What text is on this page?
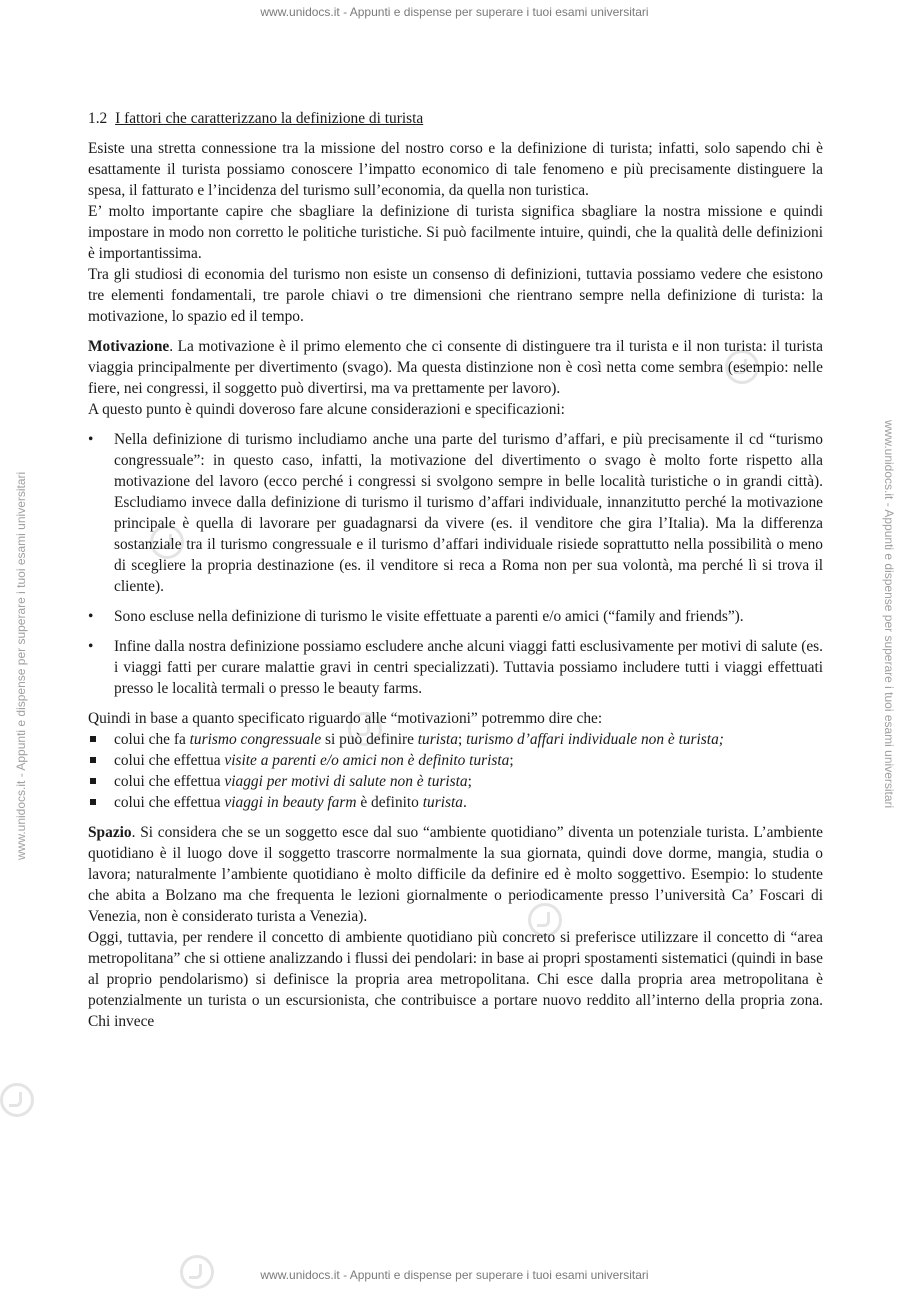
www.unidocs.it - Appunti e dispense per superare i tuoi esami universitari
www.unidocs.it - Appunti e dispense per superare i tuoi esami universitari	www.unidocs.it - Appunti e dispense per superare i tuoi esami universitari
1.2 I fattori che caratterizzano la definizione di turista

Esiste una stretta connessione tra la missione del nostro corso e la definizione di turista; infatti, solo sapendo chi è esattamente il turista possiamo conoscere l’impatto economico di tale fenomeno e più precisamente distinguere la spesa, il fatturato e l’incidenza del turismo sull’economia, da quella non turistica.

E’ molto importante capire che sbagliare la definizione di turista significa sbagliare la nostra missione e quindi impostare in modo non corretto le politiche turistiche. Si può facilmente intuire, quindi, che la qualità delle definizioni è importantissima.

Tra gli studiosi di economia del turismo non esiste un consenso di definizioni, tuttavia possiamo vedere che esistono tre elementi fondamentali, tre parole chiavi o tre dimensioni che rientrano sempre nella definizione di turista: la motivazione, lo spazio ed il tempo.

Motivazione. La motivazione è il primo elemento che ci consente di distinguere tra il turista e il non turista: il turista viaggia principalmente per divertimento (svago). Ma questa distinzione non è così netta come sembra (esempio: nelle fiere, nei congressi, il soggetto può divertirsi, ma va prettamente per lavoro).

A questo punto è quindi doveroso fare alcune considerazioni e specificazioni:

• Nella definizione di turismo includiamo anche una parte del turismo d’affari, e più precisamente il cd “turismo congressuale”: in questo caso, infatti, la motivazione del divertimento o svago è molto forte rispetto alla motivazione del lavoro (ecco perché i congressi si svolgono sempre in belle località turistiche o in grandi città). Escludiamo invece dalla definizione di turismo il turismo d’affari individuale, innanzitutto perché la motivazione principale è quella di lavorare per guadagnarsi da vivere (es. il venditore che gira l’Italia). Ma la differenza sostanziale tra il turismo congressuale e il turismo d’affari individuale risiede soprattutto nella possibilità o meno di scegliere la propria destinazione (es. il venditore si reca a Roma non per sua volontà, ma perché lì si trova il cliente).
• Sono escluse nella definizione di turismo le visite effettuate a parenti e/o amici (“family and friends”).
• Infine dalla nostra definizione possiamo escludere anche alcuni viaggi fatti esclusivamente per motivi di salute (es. i viaggi fatti per curare malattie gravi in centri specializzati). Tuttavia possiamo includere tutti i viaggi effettuati presso le località termali o presso le beauty farms.

Quindi in base a quanto specificato riguardo alle “motivazioni” potremmo dire che:

colui che fa turismo congressuale si può definire turista; turismo d’affari individuale non è turista;
colui che effettua visite a parenti e/o amici non è definito turista;
colui che effettua viaggi per motivi di salute non è turista;
colui che effettua viaggi in beauty farm è definito turista.

Spazio. Si considera che se un soggetto esce dal suo “ambiente quotidiano” diventa un potenziale turista. L’ambiente quotidiano è il luogo dove il soggetto trascorre normalmente la sua giornata, quindi dove dorme, mangia, studia o lavora; naturalmente l’ambiente quotidiano è molto difficile da definire ed è molto soggettivo. Esempio: lo studente che abita a Bolzano ma che frequenta le lezioni giornalmente o periodicamente presso l’università Ca’ Foscari di Venezia, non è considerato turista a Venezia).

Oggi, tuttavia, per rendere il concetto di ambiente quotidiano più concreto si preferisce utilizzare il concetto di “area metropolitana” che si ottiene analizzando i flussi dei pendolari: in base ai propri spostamenti sistematici (quindi in base al proprio pendolarismo) si definisce la propria area metropolitana. Chi esce dalla propria area metropolitana è potenzialmente un turista o un escursionista, che contribuisce a portare nuovo reddito all’interno della propria zona. Chi invece

www.unidocs.it - Appunti e dispense per superare i tuoi esami universitari
